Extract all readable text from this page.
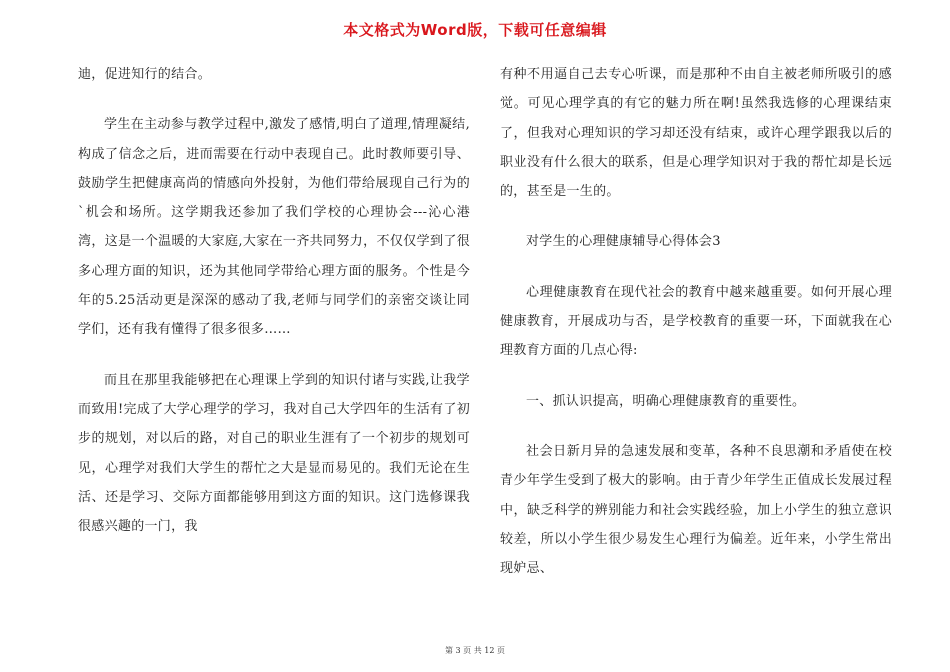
本文格式为Word版，下载可任意编辑

迪，促进知行的结合。

学生在主动参与教学过程中,激发了感情,明白了道理,情理凝结,构成了信念之后，进而需要在行动中表现自己。此时教师要引导、鼓励学生把健康高尚的情感向外投射，为他们带给展现自己行为的`机会和场所。这学期我还参加了我们学校的心理协会---沁心港湾，这是一个温暖的大家庭,大家在一齐共同努力，不仅仅学到了很多心理方面的知识，还为其他同学带给心理方面的服务。个性是今年的5.25活动更是深深的感动了我,老师与同学们的亲密交谈让同学们，还有我有懂得了很多很多……

而且在那里我能够把在心理课上学到的知识付诸与实践,让我学而致用!完成了大学心理学的学习，我对自己大学四年的生活有了初步的规划，对以后的路，对自己的职业生涯有了一个初步的规划可见，心理学对我们大学生的帮忙之大是显而易见的。我们无论在生活、还是学习、交际方面都能够用到这方面的知识。这门选修课我很感兴趣的一门，我

有种不用逼自己去专心听课，而是那种不由自主被老师所吸引的感觉。可见心理学真的有它的魅力所在啊!虽然我选修的心理课结束了，但我对心理知识的学习却还没有结束，或许心理学跟我以后的职业没有什么很大的联系，但是心理学知识对于我的帮忙却是长远的，甚至是一生的。

对学生的心理健康辅导心得体会3

心理健康教育在现代社会的教育中越来越重要。如何开展心理健康教育，开展成功与否，是学校教育的重要一环，下面就我在心理教育方面的几点心得:

一、抓认识提高，明确心理健康教育的重要性。

社会日新月异的急速发展和变革，各种不良思潮和矛盾使在校青少年学生受到了极大的影响。由于青少年学生正值成长发展过程中，缺乏科学的辨别能力和社会实践经验，加上小学生的独立意识较差，所以小学生很少易发生心理行为偏差。近年来，小学生常出现妒忌、

第 3 页 共 12 页
